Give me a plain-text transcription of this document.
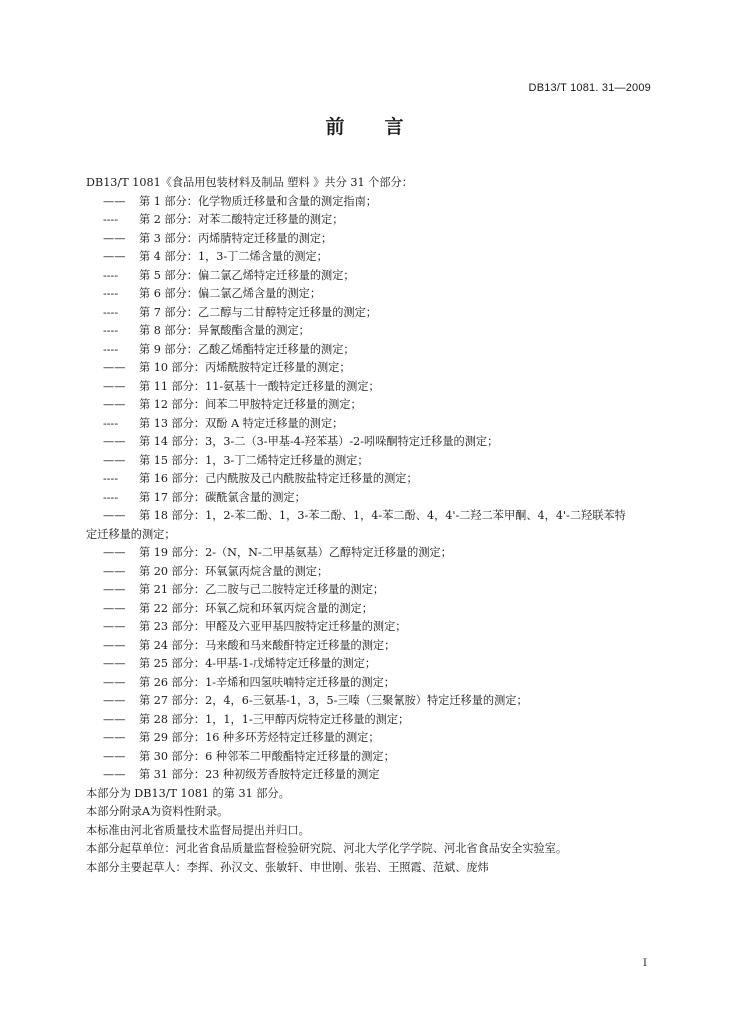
DB13/T 1081. 31—2009
前言
DB13/T 1081《食品用包装材料及制品 塑料 》共分 31 个部分：
—— 第 1 部分：化学物质迁移量和含量的测定指南；
---- 第 2 部分：对苯二酸特定迁移量的测定；
—— 第 3 部分：丙烯腈特定迁移量的测定；
—— 第 4 部分：1，3-丁二烯含量的测定；
---- 第 5 部分：偏二氯乙烯特定迁移量的测定；
---- 第 6 部分：偏二氯乙烯含量的测定；
---- 第 7 部分：乙二醇与二甘醇特定迁移量的测定；
---- 第 8 部分：异氰酸酯含量的测定；
---- 第 9 部分：乙酸乙烯酯特定迁移量的测定；
—— 第 10 部分：丙烯酰胺特定迁移量的测定；
—— 第 11 部分：11-氨基十一酸特定迁移量的测定；
—— 第 12 部分：间苯二甲胺特定迁移量的测定；
---- 第 13 部分：双酚 A 特定迁移量的测定；
—— 第 14 部分：3，3-二（3-甲基-4-羟苯基）-2-吲哚酮特定迁移量的测定；
—— 第 15 部分：1，3-丁二烯特定迁移量的测定；
---- 第 16 部分：己内酰胺及己内酰胺盐特定迁移量的测定；
---- 第 17 部分：碳酰氯含量的测定；
—— 第 18 部分：1，2-苯二酚、1，3-苯二酚、1，4-苯二酚、4，4'-二羟二苯甲酮、4，4'-二羟联苯特
定迁移量的测定；
—— 第 19 部分：2-（N，N-二甲基氨基）乙醇特定迁移量的测定；
—— 第 20 部分：环氧氯丙烷含量的测定；
—— 第 21 部分：乙二胺与己二胺特定迁移量的测定；
—— 第 22 部分：环氧乙烷和环氧丙烷含量的测定；
—— 第 23 部分：甲醛及六亚甲基四胺特定迁移量的测定；
—— 第 24 部分：马来酸和马来酸酐特定迁移量的测定；
—— 第 25 部分：4-甲基-1-戊烯特定迁移量的测定；
—— 第 26 部分：1-辛烯和四氢呋喃特定迁移量的测定；
—— 第 27 部分：2，4，6-三氨基-1，3，5-三嗪（三聚氰胺）特定迁移量的测定；
—— 第 28 部分：1，1，1-三甲醇丙烷特定迁移量的测定；
—— 第 29 部分：16 种多环芳烃特定迁移量的测定；
—— 第 30 部分：6 种邻苯二甲酸酯特定迁移量的测定；
—— 第 31 部分：23 种初级芳香胺特定迁移量的测定
本部分为 DB13/T 1081 的第 31 部分。
本部分附录A为资料性附录。
本标准由河北省质量技术监督局提出并归口。
本部分起草单位：河北省食品质量监督检验研究院、河北大学化学学院、河北省食品安全实验室。
本部分主要起草人：李挥、孙汉文、张敏轩、申世刚、张岩、王照霞、范斌、庞炜
I
